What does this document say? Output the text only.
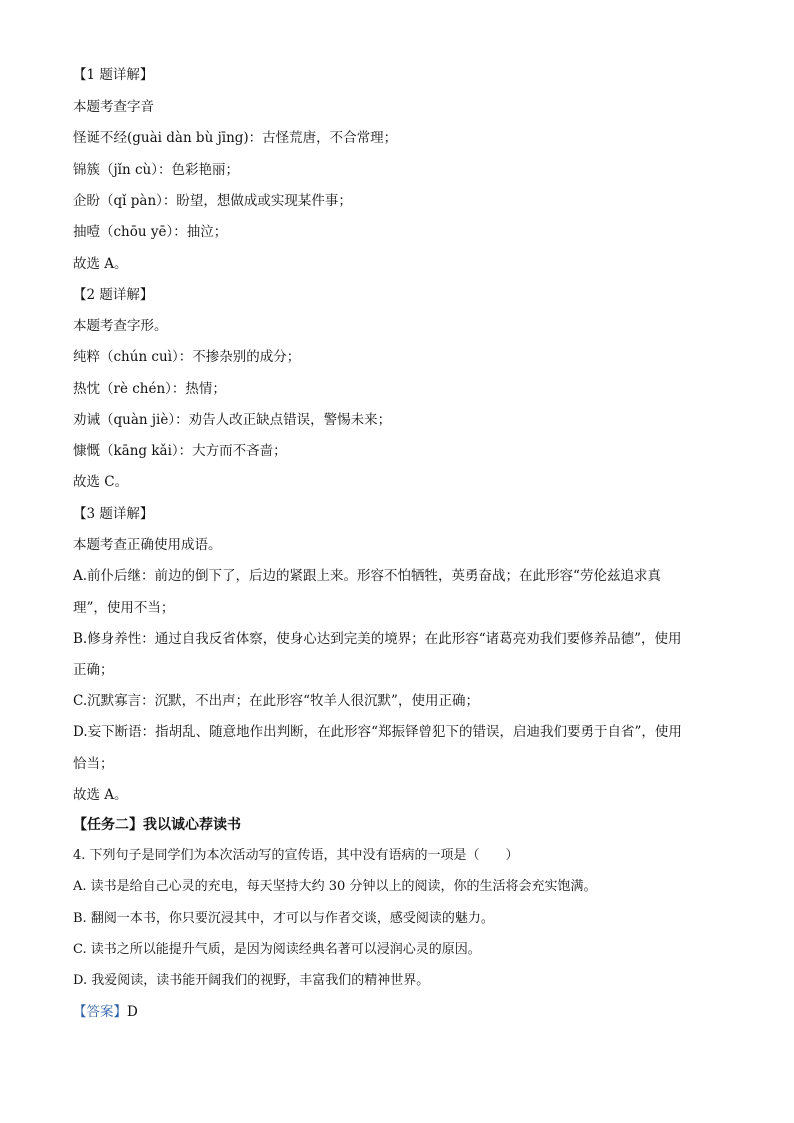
【1 题详解】
本题考查字音
怪诞不经(guài dàn bù jīng)：古怪荒唐，不合常理；
锦簇（jǐn cù）：色彩艳丽；
企盼（qǐ pàn）：盼望，想做成或实现某件事；
抽噎（chōu yē）：抽泣；
故选 A。
【2 题详解】
本题考查字形。
纯粹（chún cuì）：不掺杂别的成分；
热忱（rè chén）：热情；
劝诫（quàn jiè）：劝告人改正缺点错误，警惕未来；
慷慨（kāng kǎi）：大方而不吝啬；
故选 C。
【3 题详解】
本题考查正确使用成语。
A.前仆后继：前边的倒下了，后边的紧跟上来。形容不怕牺牲，英勇奋战；在此形容“劳伦兹追求真
理”，使用不当；
B.修身养性：通过自我反省体察，使身心达到完美的境界；在此形容“诸葛亮劝我们要修养品德”，使用
正确；
C.沉默寡言：沉默，不出声；在此形容“牧羊人很沉默”，使用正确；
D.妄下断语：指胡乱、随意地作出判断，在此形容“郑振铎曾犯下的错误，启迪我们要勇于自省”，使用
恰当；
故选 A。
【任务二】我以诚心荐读书
4. 下列句子是同学们为本次活动写的宣传语，其中没有语病的一项是（　　）
A. 读书是给自己心灵的充电，每天坚持大约 30 分钟以上的阅读，你的生活将会充实饱满。
B. 翻阅一本书，你只要沉浸其中，才可以与作者交谈，感受阅读的魅力。
C. 读书之所以能提升气质，是因为阅读经典名著可以浸润心灵的原因。
D. 我爱阅读，读书能开阔我们的视野，丰富我们的精神世界。
【答案】D
